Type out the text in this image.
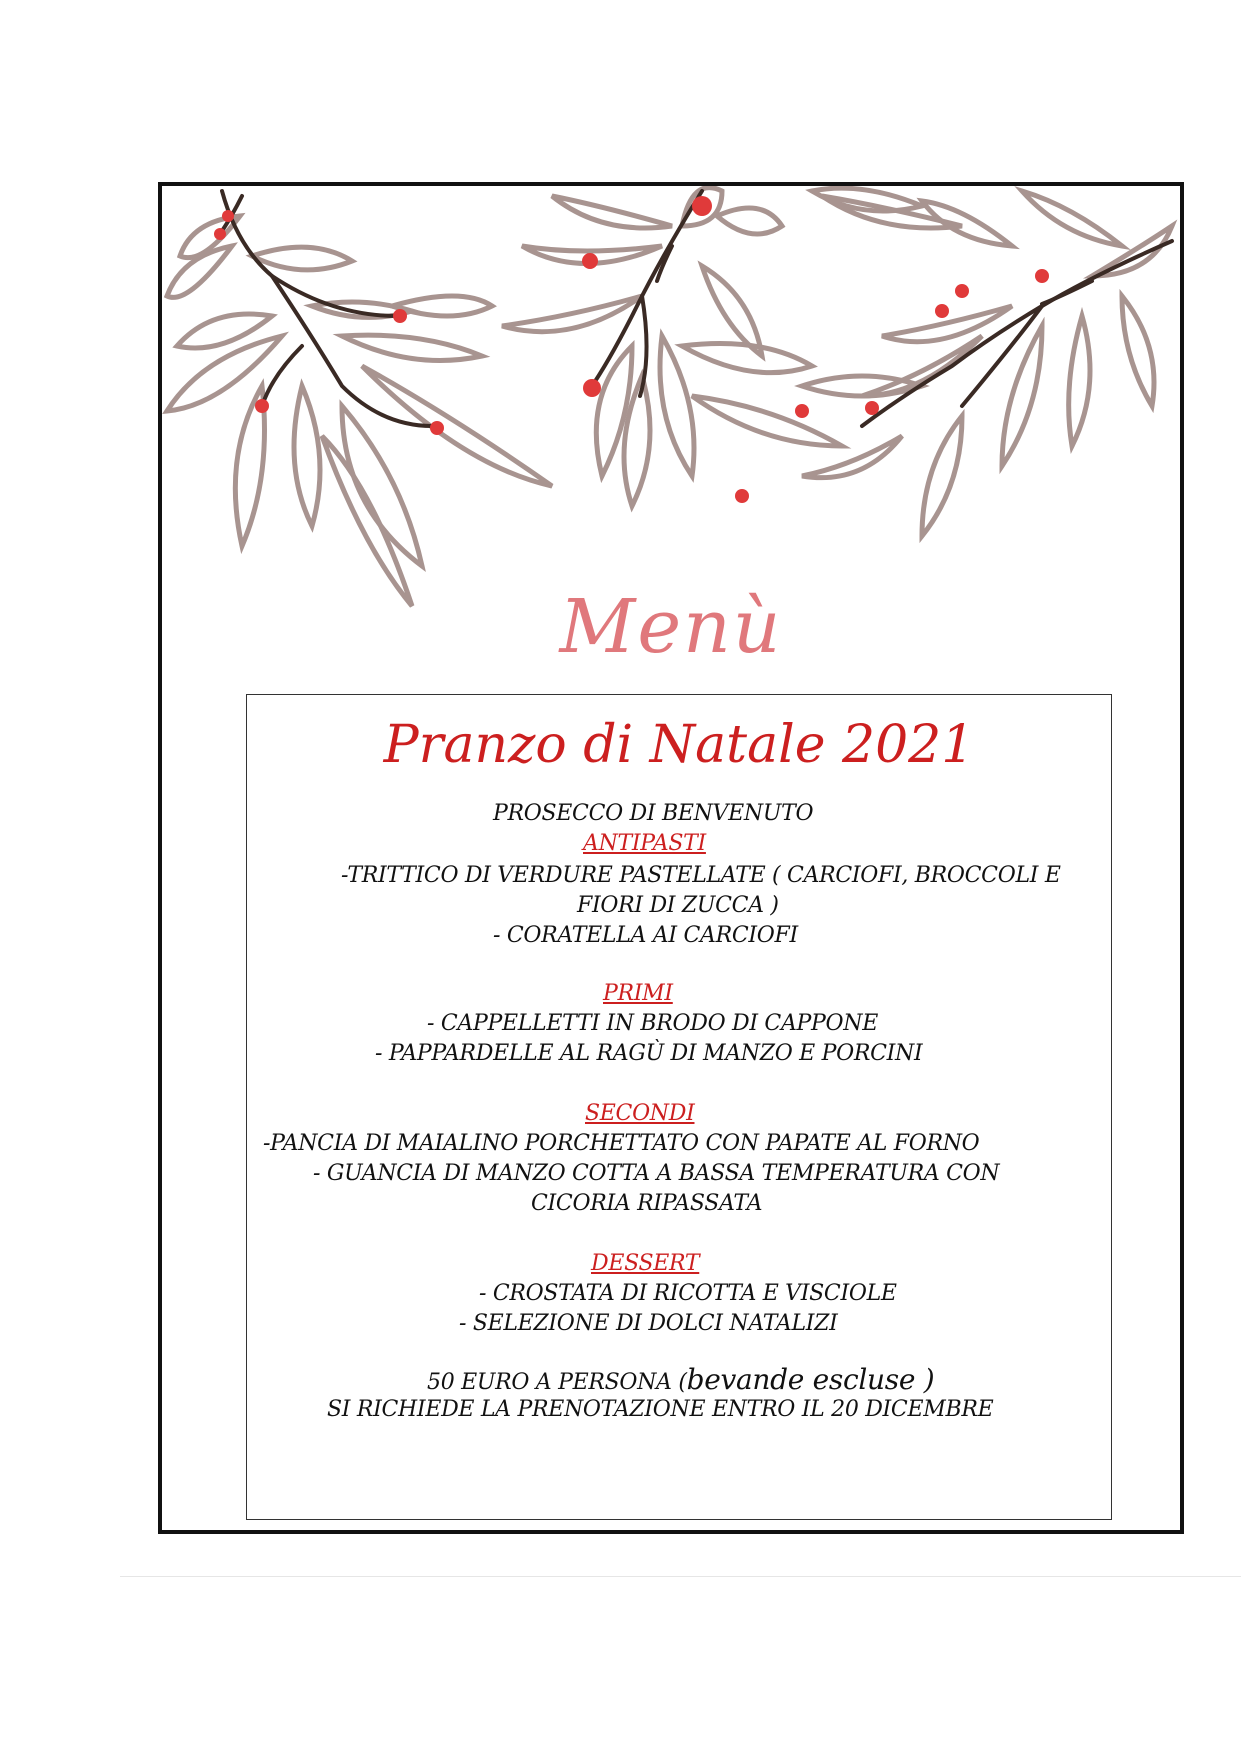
Menù
Pranzo di Natale 2021
PROSECCO DI BENVENUTO
ANTIPASTI
-TRITTICO DI VERDURE PASTELLATE ( CARCIOFI, BROCCOLI E
FIORI DI ZUCCA )
- CORATELLA AI CARCIOFI
PRIMI
- CAPPELLETTI IN BRODO DI CAPPONE
- PAPPARDELLE AL RAGÙ DI MANZO E PORCINI
SECONDI
-PANCIA DI MAIALINO PORCHETTATO CON PAPATE AL FORNO
- GUANCIA DI MANZO COTTA A BASSA TEMPERATURA CON
CICORIA RIPASSATA
DESSERT
- CROSTATA DI RICOTTA E VISCIOLE
- SELEZIONE DI DOLCI NATALIZI
50 EURO A PERSONA (bevande escluse )
SI RICHIEDE LA PRENOTAZIONE ENTRO IL 20 DICEMBRE
